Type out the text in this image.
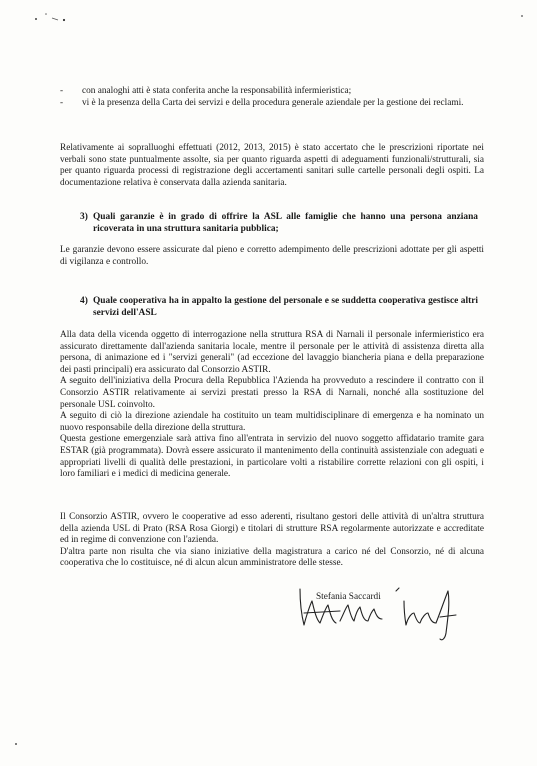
- con analoghi atti è stata conferita anche la responsabilità infermieristica;
- vi è la presenza della Carta dei servizi e della procedura generale aziendale per la gestione dei reclami.

Relativamente ai sopralluoghi effettuati (2012, 2013, 2015) è stato accertato che le prescrizioni riportate nei verbali sono state puntualmente assolte, sia per quanto riguarda aspetti di adeguamenti funzionali/strutturali, sia per quanto riguarda processi di registrazione degli accertamenti sanitari sulle cartelle personali degli ospiti. La documentazione relativa è conservata dalla azienda sanitaria.

3) Quali garanzie è in grado di offrire la ASL alle famiglie che hanno una persona anziana ricoverata in una struttura sanitaria pubblica;

Le garanzie devono essere assicurate dal pieno e corretto adempimento delle prescrizioni adottate per gli aspetti di vigilanza e controllo.

4) Quale cooperativa ha in appalto la gestione del personale e se suddetta cooperativa gestisce altri servizi dell'ASL

Alla data della vicenda oggetto di interrogazione nella struttura RSA di Narnali il personale infermieristico era assicurato direttamente dall'azienda sanitaria locale, mentre il personale per le attività di assistenza diretta alla persona, di animazione ed i "servizi generali" (ad eccezione del lavaggio biancheria piana e della preparazione dei pasti principali) era assicurato dal Consorzio ASTIR.

A seguito dell'iniziativa della Procura della Repubblica l'Azienda ha provveduto a rescindere il contratto con il Consorzio ASTIR relativamente ai servizi prestati presso la RSA di Narnali, nonché alla sostituzione del personale USL coinvolto.

A seguito di ciò la direzione aziendale ha costituito un team multidisciplinare di emergenza e ha nominato un nuovo responsabile della direzione della struttura.

Questa gestione emergenziale sarà attiva fino all'entrata in servizio del nuovo soggetto affidatario tramite gara ESTAR (già programmata). Dovrà essere assicurato il mantenimento della continuità assistenziale con adeguati e appropriati livelli di qualità delle prestazioni, in particolare volti a ristabilire corrette relazioni con gli ospiti, i loro familiari e i medici di medicina generale.

Il Consorzio ASTIR, ovvero le cooperative ad esso aderenti, risultano gestori delle attività di un'altra struttura della azienda USL di Prato (RSA Rosa Giorgi) e titolari di strutture RSA regolarmente autorizzate e accreditate ed in regime di convenzione con l'azienda.

D'altra parte non risulta che via siano iniziative della magistratura a carico né del Consorzio, né di alcuna cooperativa che lo costituisce, né di alcun alcun amministratore delle stesse.

Stefania Saccardi
